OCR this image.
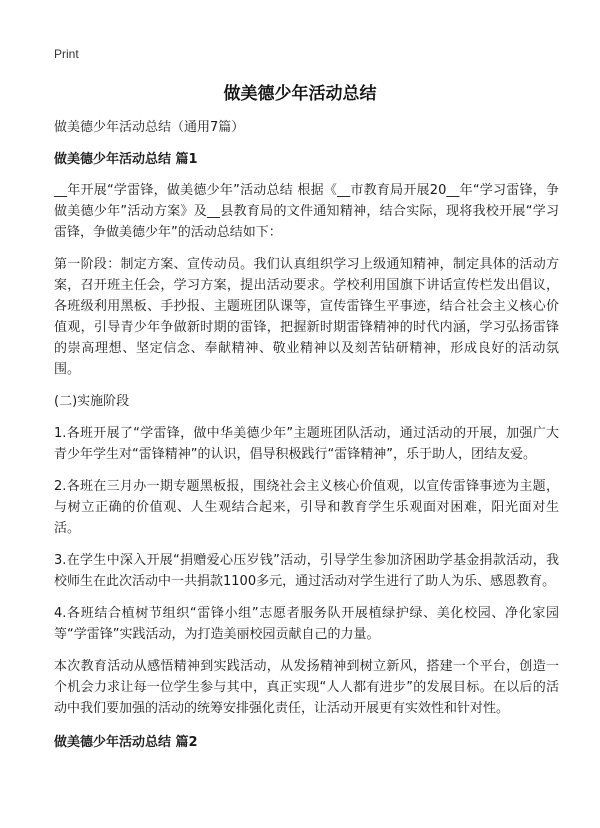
Print
做美德少年活动总结

做美德少年活动总结（通用7篇）

做美德少年活动总结 篇1

__年开展“学雷锋，做美德少年”活动总结 根据《__市教育局开展20__年“学习雷锋，争做美德少年”活动方案》及__县教育局的文件通知精神，结合实际，现将我校开展“学习雷锋，争做美德少年”的活动总结如下：

第一阶段：制定方案、宣传动员。我们认真组织学习上级通知精神，制定具体的活动方案，召开班主任会，学习方案，提出活动要求。学校利用国旗下讲话宣传栏发出倡议，各班级利用黑板、手抄报、主题班团队课等，宣传雷锋生平事迹，结合社会主义核心价值观，引导青少年争做新时期的雷锋，把握新时期雷锋精神的时代内涵，学习弘扬雷锋的崇高理想、坚定信念、奉献精神、敬业精神以及刻苦钻研精神，形成良好的活动氛围。

(二)实施阶段

1.各班开展了“学雷锋，做中华美德少年”主题班团队活动，通过活动的开展，加强广大青少年学生对“雷锋精神”的认识，倡导积极践行“雷锋精神”，乐于助人，团结友爱。

2.各班在三月办一期专题黑板报，围绕社会主义核心价值观，以宣传雷锋事迹为主题，与树立正确的价值观、人生观结合起来，引导和教育学生乐观面对困难，阳光面对生活。

3.在学生中深入开展“捐赠爱心压岁钱”活动，引导学生参加济困助学基金捐款活动，我校师生在此次活动中一共捐款1100多元，通过活动对学生进行了助人为乐、感恩教育。

4.各班结合植树节组织“雷锋小组”志愿者服务队开展植绿护绿、美化校园、净化家园等“学雷锋”实践活动，为打造美丽校园贡献自己的力量。

本次教育活动从感悟精神到实践活动，从发扬精神到树立新风，搭建一个平台，创造一个机会力求让每一位学生参与其中，真正实现“人人都有进步”的发展目标。在以后的活动中我们要加强的活动的统筹安排强化责任，让活动开展更有实效性和针对性。

做美德少年活动总结 篇2
